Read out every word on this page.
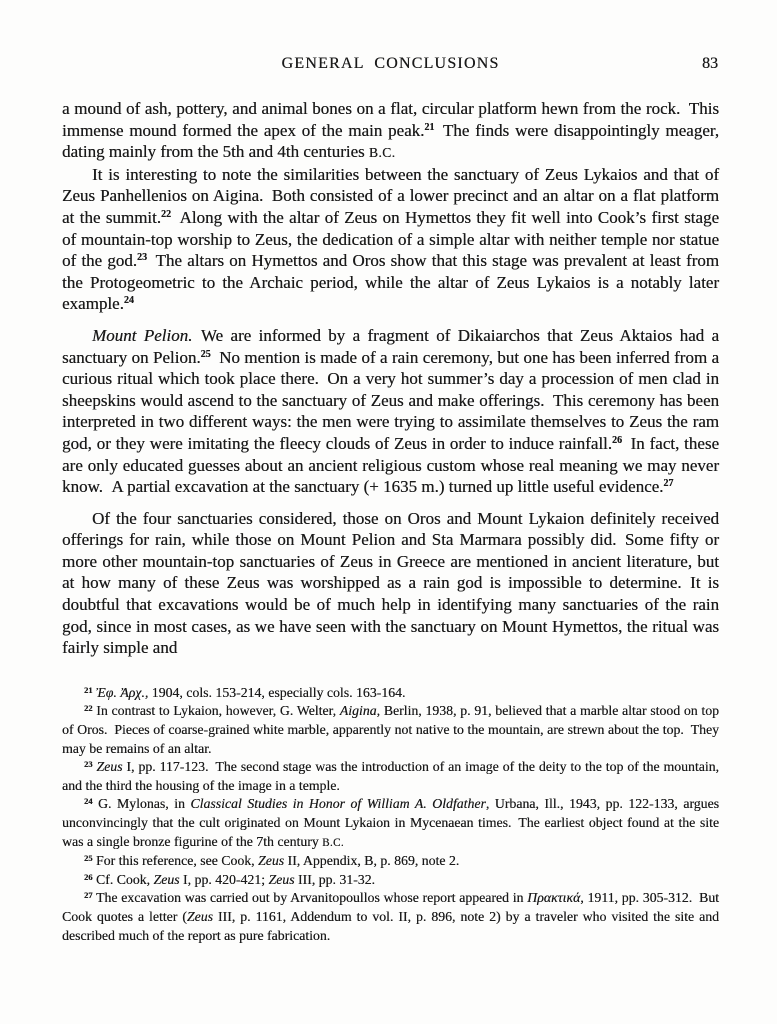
GENERAL CONCLUSIONS	83

a mound of ash, pottery, and animal bones on a flat, circular platform hewn from the rock. This immense mound formed the apex of the main peak.$^{21}$ The finds were disappointingly meager, dating mainly from the 5th and 4th centuries B.C.

It is interesting to note the similarities between the sanctuary of Zeus Lykaios and that of Zeus Panhellenios on Aigina. Both consisted of a lower precinct and an altar on a flat platform at the summit.$^{22}$ Along with the altar of Zeus on Hymettos they fit well into Cook’s first stage of mountain-top worship to Zeus, the dedication of a simple altar with neither temple nor statue of the god.$^{23}$ The altars on Hymettos and Oros show that this stage was prevalent at least from the Protogeometric to the Archaic period, while the altar of Zeus Lykaios is a notably later example.$^{24}$

Mount Pelion. We are informed by a fragment of Dikaiarchos that Zeus Aktaios had a sanctuary on Pelion.$^{25}$ No mention is made of a rain ceremony, but one has been inferred from a curious ritual which took place there. On a very hot summer’s day a procession of men clad in sheepskins would ascend to the sanctuary of Zeus and make offerings. This ceremony has been interpreted in two different ways: the men were trying to assimilate themselves to Zeus the ram god, or they were imitating the fleecy clouds of Zeus in order to induce rainfall.$^{26}$ In fact, these are only educated guesses about an ancient religious custom whose real meaning we may never know. A partial excavation at the sanctuary (+ 1635 m.) turned up little useful evidence.$^{27}$

Of the four sanctuaries considered, those on Oros and Mount Lykaion definitely received offerings for rain, while those on Mount Pelion and Sta Marmara possibly did. Some fifty or more other mountain-top sanctuaries of Zeus in Greece are mentioned in ancient literature, but at how many of these Zeus was worshipped as a rain god is impossible to determine. It is doubtful that excavations would be of much help in identifying many sanctuaries of the rain god, since in most cases, as we have seen with the sanctuary on Mount Hymettos, the ritual was fairly simple and

$^{21}$ Ἐφ. Ἀρχ., 1904, cols. 153-214, especially cols. 163-164.

$^{22}$ In contrast to Lykaion, however, G. Welter, Aigina, Berlin, 1938, p. 91, believed that a marble altar stood on top of Oros. Pieces of coarse-grained white marble, apparently not native to the mountain, are strewn about the top. They may be remains of an altar.

$^{23}$ Zeus I, pp. 117-123. The second stage was the introduction of an image of the deity to the top of the mountain, and the third the housing of the image in a temple.

$^{24}$ G. Mylonas, in Classical Studies in Honor of William A. Oldfather, Urbana, Ill., 1943, pp. 122-133, argues unconvincingly that the cult originated on Mount Lykaion in Mycenaean times. The earliest object found at the site was a single bronze figurine of the 7th century B.C.

$^{25}$ For this reference, see Cook, Zeus II, Appendix, B, p. 869, note 2.

$^{26}$ Cf. Cook, Zeus I, pp. 420-421; Zeus III, pp. 31-32.

$^{27}$ The excavation was carried out by Arvanitopoullos whose report appeared in Πρακτικά, 1911, pp. 305-312. But Cook quotes a letter (Zeus III, p. 1161, Addendum to vol. II, p. 896, note 2) by a traveler who visited the site and described much of the report as pure fabrication.
